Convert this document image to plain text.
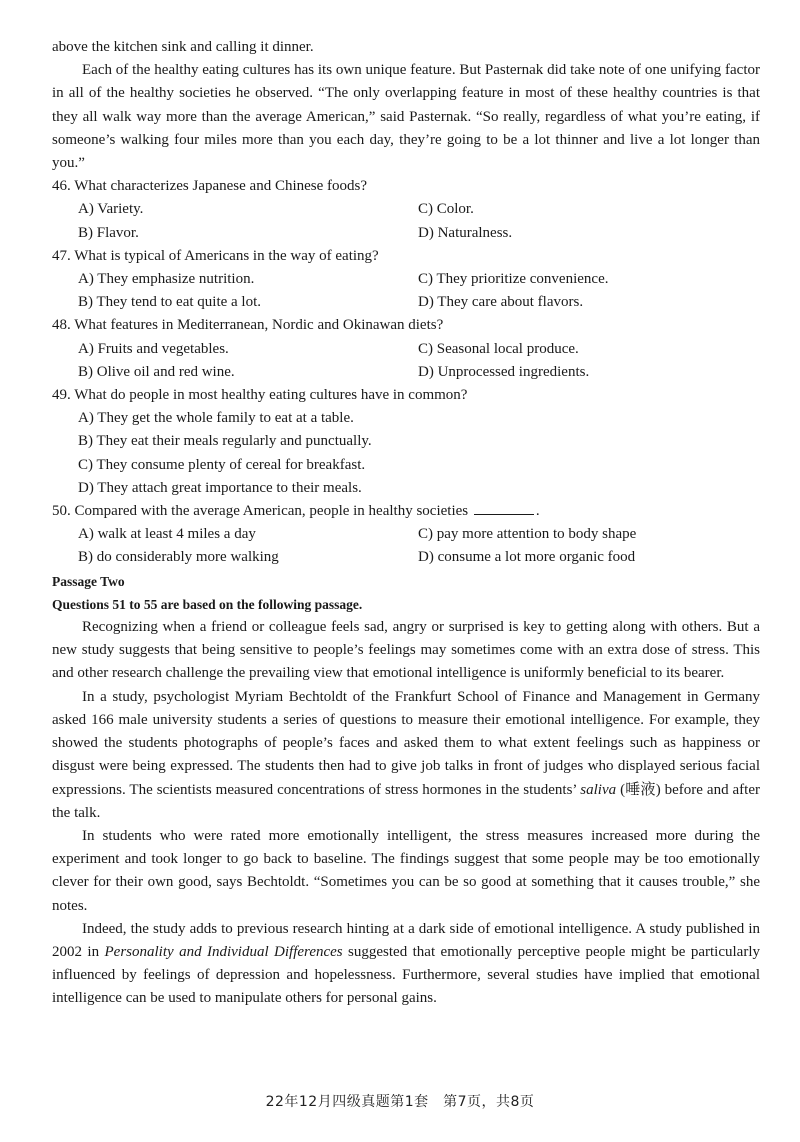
above the kitchen sink and calling it dinner.

Each of the healthy eating cultures has its own unique feature. But Pasternak did take note of one unifying factor in all of the healthy societies he observed. “The only overlapping feature in most of these healthy countries is that they all walk way more than the average American,” said Pasternak. “So really, regardless of what you’re eating, if someone’s walking four miles more than you each day, they’re going to be a lot thinner and live a lot longer than you.”

46. What characterizes Japanese and Chinese foods?
A) Variety.	C) Color.
B) Flavor.	D) Naturalness.
47. What is typical of Americans in the way of eating?
A) They emphasize nutrition.	C) They prioritize convenience.
B) They tend to eat quite a lot.	D) They care about flavors.
48. What features in Mediterranean, Nordic and Okinawan diets?
A) Fruits and vegetables.	C) Seasonal local produce.
B) Olive oil and red wine.	D) Unprocessed ingredients.
49. What do people in most healthy eating cultures have in common?
A) They get the whole family to eat at a table.
B) They eat their meals regularly and punctually.
C) They consume plenty of cereal for breakfast.
D) They attach great importance to their meals.
50. Compared with the average American, people in healthy societies	.
A) walk at least 4 miles a day	C) pay more attention to body shape
B) do considerably more walking	D) consume a lot more organic food

Passage Two

Questions 51 to 55 are based on the following passage.

Recognizing when a friend or colleague feels sad, angry or surprised is key to getting along with others. But a new study suggests that being sensitive to people’s feelings may sometimes come with an extra dose of stress. This and other research challenge the prevailing view that emotional intelligence is uniformly beneficial to its bearer.

In a study, psychologist Myriam Bechtoldt of the Frankfurt School of Finance and Management in Germany asked 166 male university students a series of questions to measure their emotional intelligence. For example, they showed the students photographs of people’s faces and asked them to what extent feelings such as happiness or disgust were being expressed. The students then had to give job talks in front of judges who displayed serious facial expressions. The scientists measured concentrations of stress hormones in the students’ saliva (唾液) before and after the talk.

In students who were rated more emotionally intelligent, the stress measures increased more during the experiment and took longer to go back to baseline. The findings suggest that some people may be too emotionally clever for their own good, says Bechtoldt. “Sometimes you can be so good at something that it causes trouble,” she notes.

Indeed, the study adds to previous research hinting at a dark side of emotional intelligence. A study published in 2002 in Personality and Individual Differences suggested that emotionally perceptive people might be particularly influenced by feelings of depression and hopelessness. Furthermore, several studies have implied that emotional intelligence can be used to manipulate others for personal gains.

22年12月四级真题第1套　第7页，共8页
